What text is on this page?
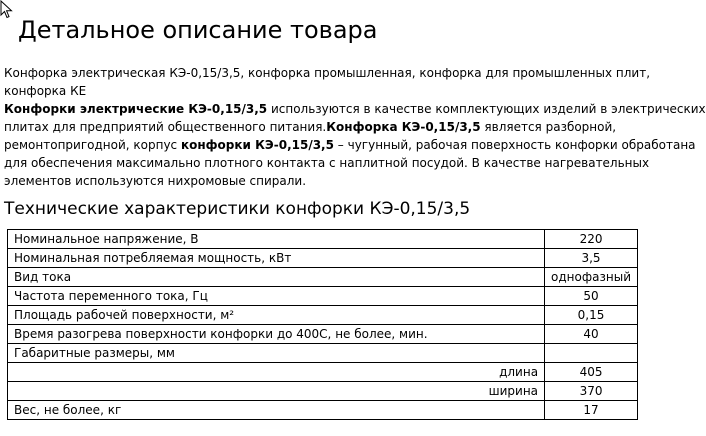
Детальное описание товара

Конфорка электрическая КЭ-0,15/3,5, конфорка промышленная, конфорка для промышленных плит,

конфорка КЕ

Конфорки электрические КЭ-0,15/3,5 используются в качестве комплектующих изделий в электрических

плитах для предприятий общественного питания.Конфорка КЭ-0,15/3,5 является разборной,

ремонтопригодной, корпус конфорки КЭ-0,15/3,5 – чугунный, рабочая поверхность конфорки обработана

для обеспечения максимально плотного контакта с наплитной посудой. В качестве нагревательных

элементов используются нихромовые спирали.

Технические характеристики конфорки КЭ-0,15/3,5
Номинальное напряжение, В	220
Номинальная потребляемая мощность, кВт	3,5
Вид тока	однофазный
Частота переменного тока, Гц	50
Площадь рабочей поверхности, м²	0,15
Время разогрева поверхности конфорки до 400С, не более, мин.	40
Габаритные размеры, мм	
длина	405
ширина	370
Вес, не более, кг	17
